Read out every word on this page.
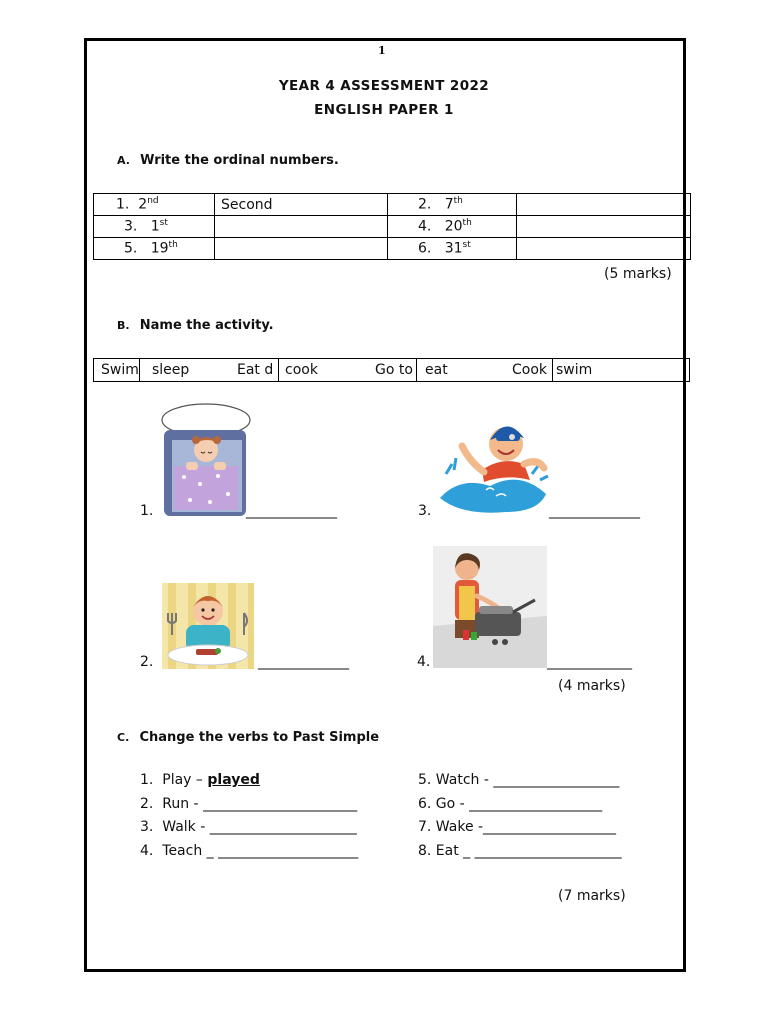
1
YEAR 4 ASSESSMENT 2022
ENGLISH PAPER 1
A. Write the ordinal numbers.
1. 2nd	Second	2. 7th	
3. 1st		4. 20th	
5. 19th		6. 31st	
(5 marks)
B. Name the activity.
Swim sleep	Eat d cook	Go to eat	Cook swim
1.	_______________	3.	_______________
2.	_______________	4.	______________
(4 marks)
C. Change the verbs to Past Simple
1. Play – played
2. Run - ______________________
3. Walk - _____________________
4. Teach _ ____________________
5. Watch - __________________
6. Go - ___________________
7. Wake -___________________
8. Eat _ _____________________
(7 marks)
